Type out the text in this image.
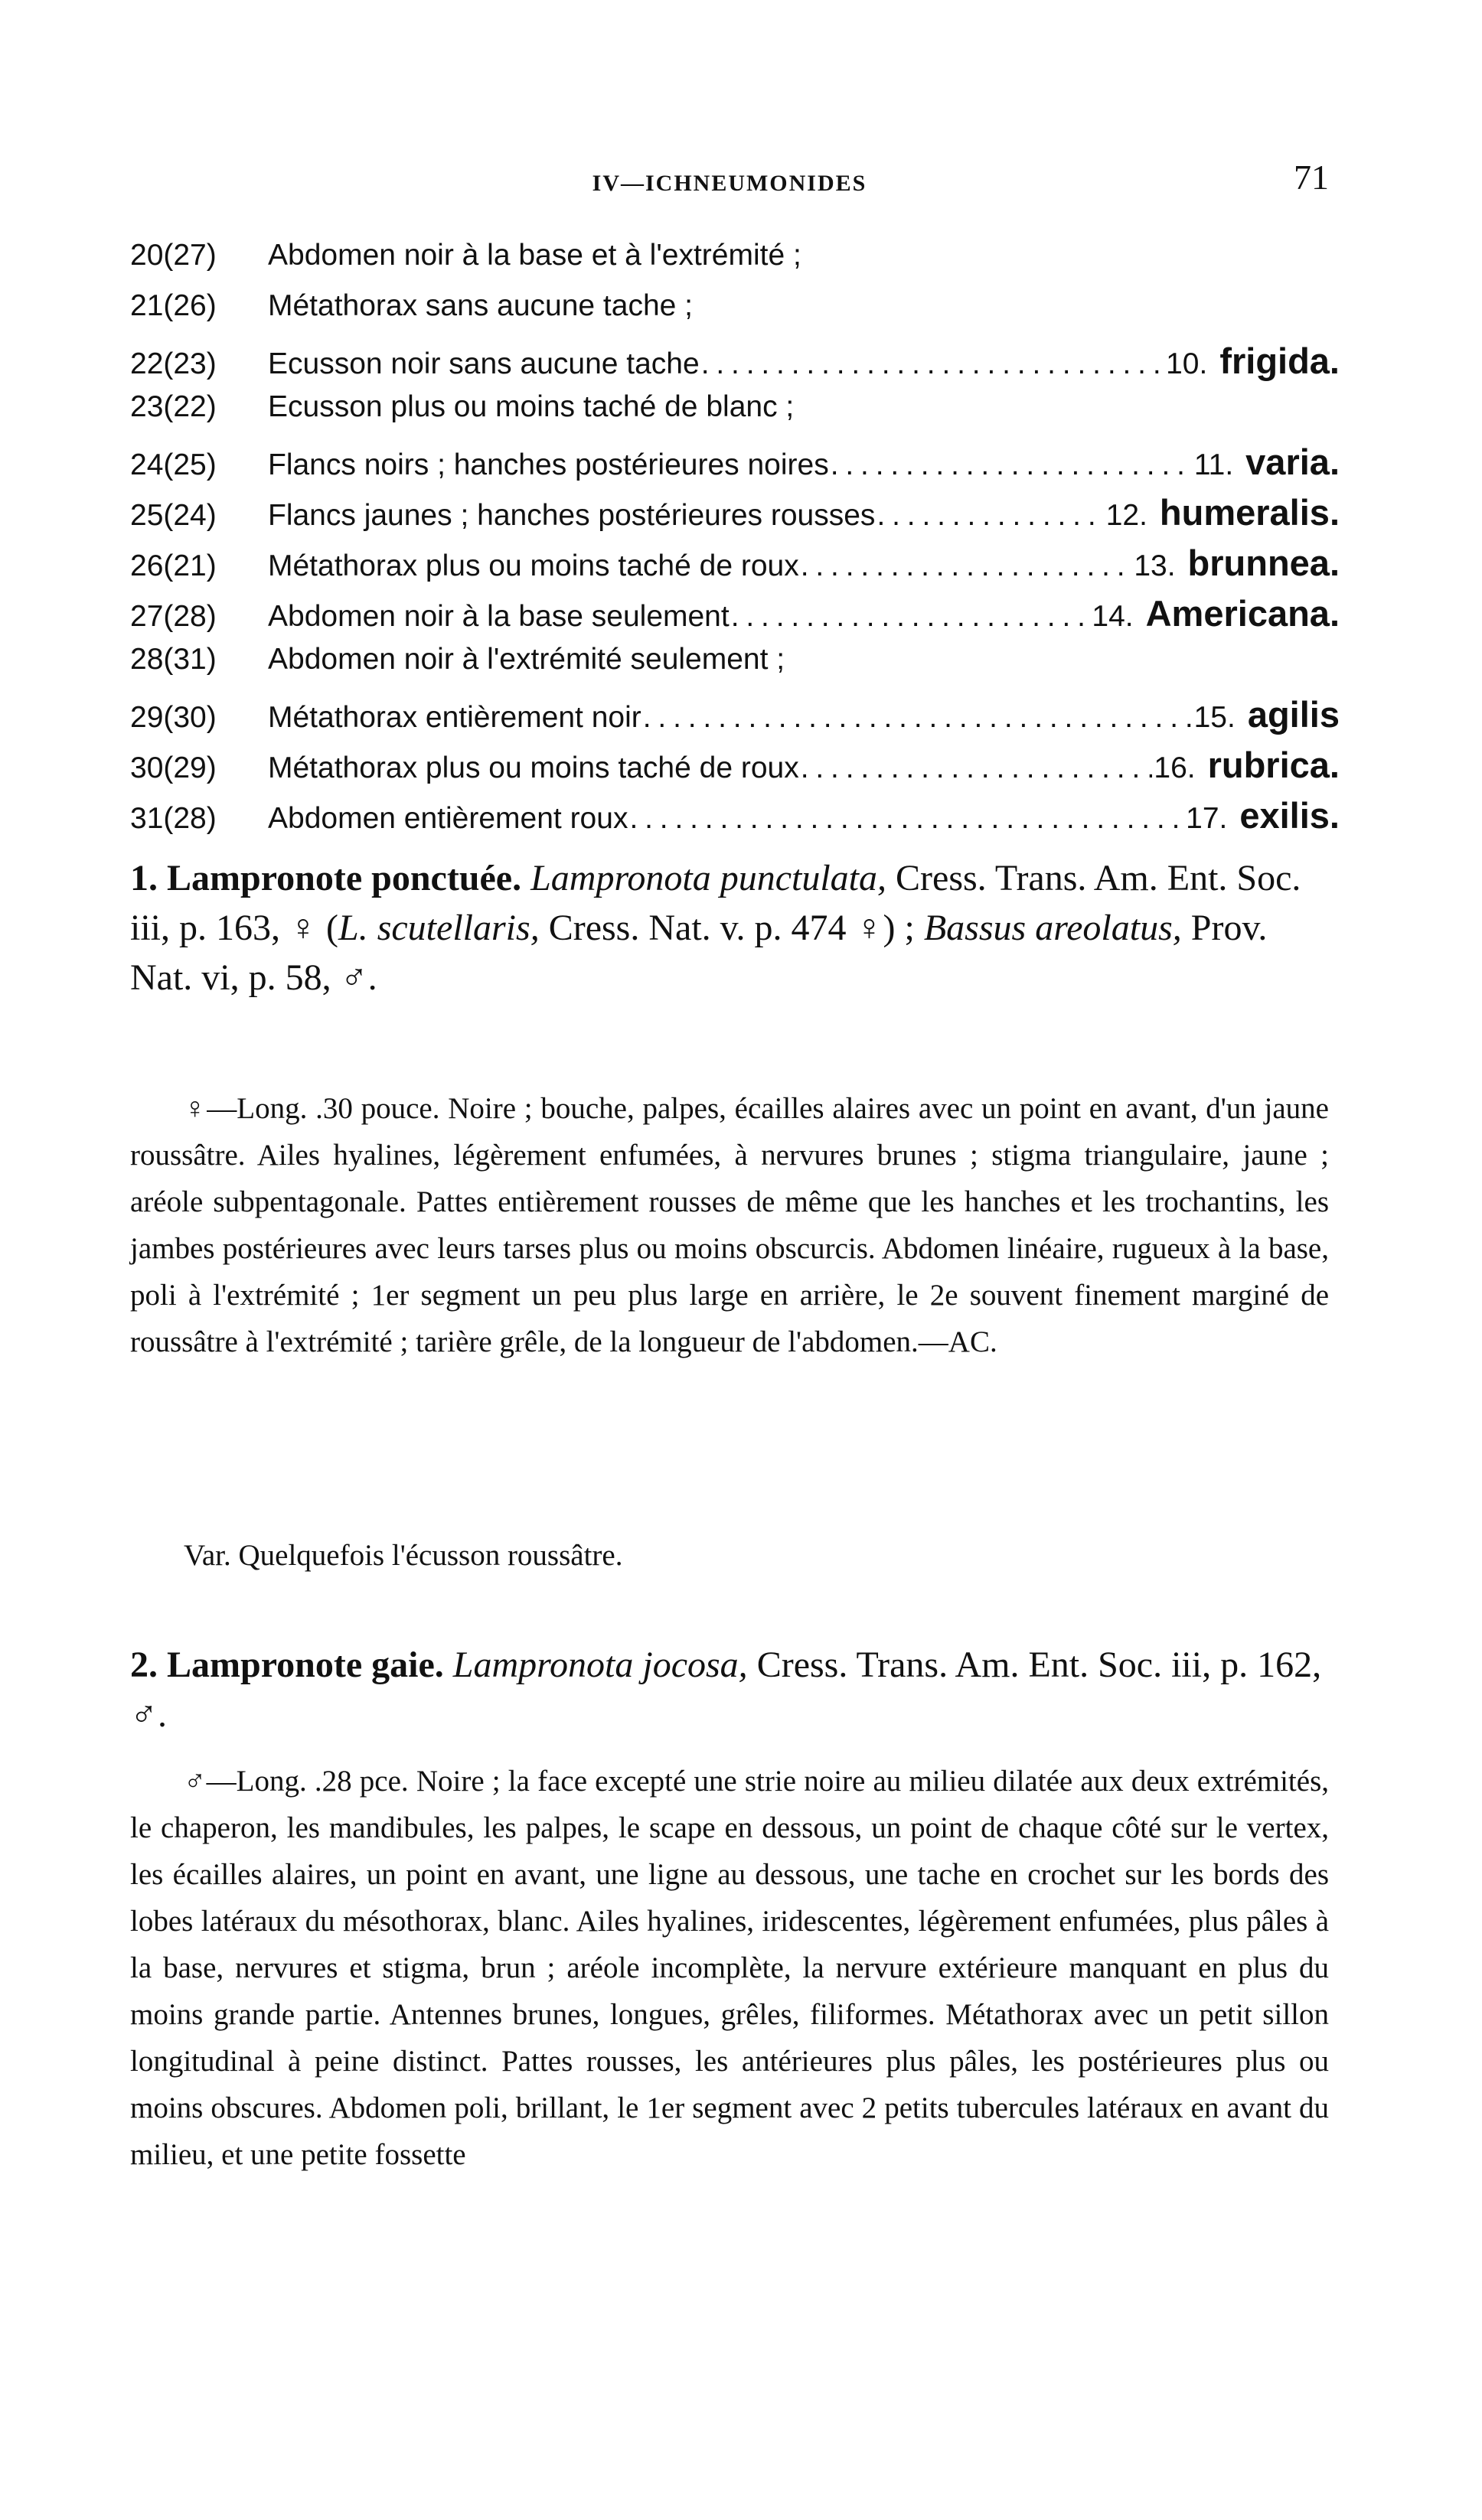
IV—ICHNEUMONIDES	71
20(27)	Abdomen noir à la base et à l'extrémité ;
21(26)	Métathorax sans aucune tache ;
22(23)	Ecusson noir sans aucune tache . . .	10. frigida.
23(22)	Ecusson plus ou moins taché de blanc ;
24(25)	Flancs noirs ; hanches postérieures noires . . .	11. varia.
25(24)	Flancs jaunes ; hanches postérieures rousses . . .	12. humeralis.
26(21)	Métathorax plus ou moins taché de roux . . .	13. brunnea.
27(28)	Abdomen noir à la base seulement . . .	14. Americana.
28(31)	Abdomen noir à l'extrémité seulement ;
29(30)	Métathorax entièrement noir . . .	15. agilis
30(29)	Métathorax plus ou moins taché de roux . . .	16. rubrica.
31(28)	Abdomen entièrement roux . . .	17. exilis.
1. Lampronote ponctuée. Lampronota punctulata, Cress. Trans. Am. Ent. Soc. iii, p. 163, ♀ (L. scutellaris, Cress. Nat. v. p. 474 ♀) ; Bassus areolatus, Prov. Nat. vi, p. 58, ♂.

♀—Long. .30 pouce. Noire ; bouche, palpes, écailles alaires avec un point en avant, d'un jaune roussâtre. Ailes hyalines, légèrement enfumées, à nervures brunes ; stigma triangulaire, jaune ; aréole subpentagonale. Pattes entièrement rousses de même que les hanches et les trochantins, les jambes postérieures avec leurs tarses plus ou moins obscurcis. Abdomen linéaire, rugueux à la base, poli à l'extrémité ; 1er segment un peu plus large en arrière, le 2e souvent finement marginé de roussâtre à l'extrémité ; tarière grêle, de la longueur de l'abdomen.—AC.

Var. Quelquefois l'écusson roussâtre.
2. Lampronote gaie. Lampronota jocosa, Cress. Trans. Am. Ent. Soc. iii, p. 162, ♂.

♂—Long. .28 pce. Noire ; la face excepté une strie noire au milieu dilatée aux deux extrémités, le chaperon, les mandibules, les palpes, le scape en dessous, un point de chaque côté sur le vertex, les écailles alaires, un point en avant, une ligne au dessous, une tache en crochet sur les bords des lobes latéraux du mésothorax, blanc. Ailes hyalines, iridescentes, légèrement enfumées, plus pâles à la base, nervures et stigma, brun ; aréole incomplète, la nervure extérieure manquant en plus du moins grande partie. Antennes brunes, longues, grêles, filiformes. Métathorax avec un petit sillon longitudinal à peine distinct. Pattes rousses, les antérieures plus pâles, les postérieures plus ou moins obscures. Abdomen poli, brillant, le 1er segment avec 2 petits tubercules latéraux en avant du milieu, et une petite fossette
